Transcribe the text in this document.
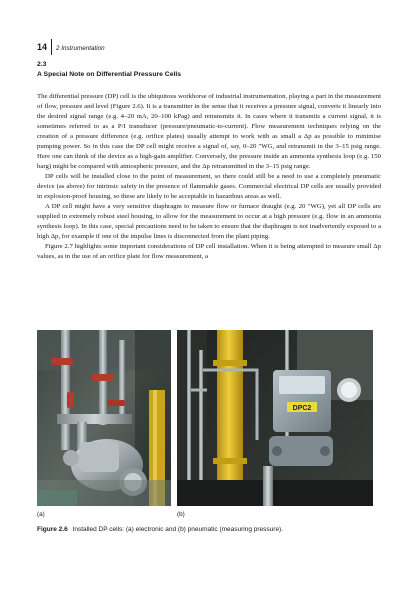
14	2 Instrumentation
2.3
A Special Note on Differential Pressure Cells

The differential pressure (DP) cell is the ubiquitous workhorse of industrial instrumentation, playing a part in the measurement of flow, pressure and level (Figure 2.6). It is a transmitter in the sense that it receives a pressure signal, converts it linearly into the desired signal range (e.g. 4–20 mA, 20–100 kPag) and retransmits it. In cases where it transmits a current signal, it is sometimes referred to as a P/I transducer (pressure/pneumatic-to-current). Flow measurement techniques relying on the creation of a pressure difference (e.g. orifice plates) usually attempt to work with as small a Δp as possible to minimise pumping power. So in this case the DP cell might receive a signal of, say, 0–20 ″WG, and retransmit in the 3–15 psig range. Here one can think of the device as a high-gain amplifier. Conversely, the pressure inside an ammonia synthesis loop (e.g. 150 barg) might be compared with atmospheric pressure, and the Δp retransmitted in the 3–15 psig range.

DP cells will be installed close to the point of measurement, so there could still be a need to use a completely pneumatic device (as above) for intrinsic safety in the presence of flammable gases. Commercial electrical DP cells are usually provided in explosion-proof housing, so these are likely to be acceptable in hazardous areas as well.

A DP cell might have a very sensitive diaphragm to measure flow or furnace draught (e.g. 20 ″WG), yet all DP cells are supplied in extremely robust steel housing, to allow for the measurement to occur at a high pressure (e.g. flow in an ammonia synthesis loop). In this case, special precautions need to be taken to ensure that the diaphragm is not inadvertently exposed to a high Δp, for example if one of the impulse lines is disconnected from the plant piping.

Figure 2.7 highlights some important considerations of DP cell installation. When it is being attempted to measure small Δp values, as in the use of an orifice plate for flow measurement, a

DPC2
(a)	(b)
Figure 2.6 Installed DP cells: (a) electronic and (b) pneumatic (measuring pressure).
